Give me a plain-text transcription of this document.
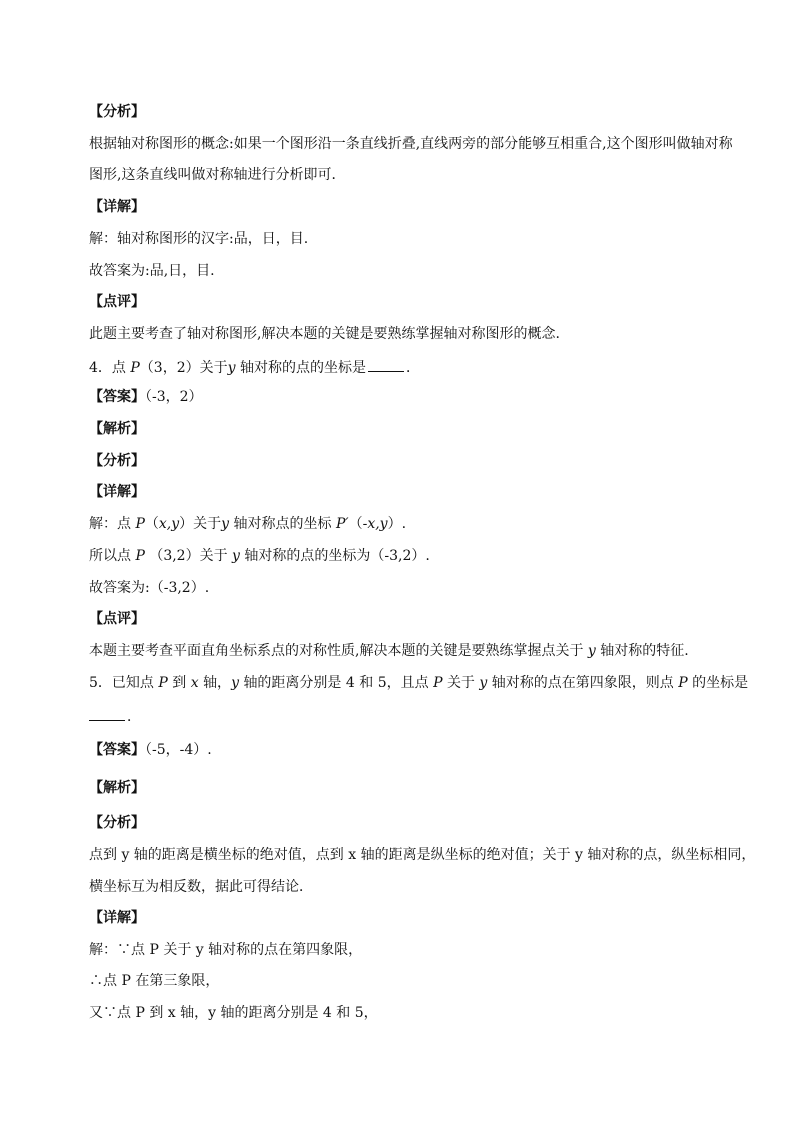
【分析】
根据轴对称图形的概念:如果一个图形沿一条直线折叠,直线两旁的部分能够互相重合,这个图形叫做轴对称
图形,这条直线叫做对称轴进行分析即可．
【详解】
解：轴对称图形的汉字:品，日，目.
故答案为:品,日，目.
【点评】
此题主要考查了轴对称图形,解决本题的关键是要熟练掌握轴对称图形的概念.
4．点 P（3，2）关于y 轴对称的点的坐标是	．
【答案】（-3，2）
【解析】
【分析】
【详解】
解：点 P（x,y）关于y 轴对称点的坐标 P′（-x,y）.
所以点 P （3,2）关于 y 轴对称的点的坐标为（-3,2）.
故答案为:（-3,2）.
【点评】
本题主要考查平面直角坐标系点的对称性质,解决本题的关键是要熟练掌握点关于 y 轴对称的特征.
5．已知点 P 到 x 轴，y 轴的距离分别是 4 和 5，且点 P 关于 y 轴对称的点在第四象限，则点 P 的坐标是
．
【答案】（-5，-4）.
【解析】
【分析】
点到 y 轴的距离是横坐标的绝对值，点到 x 轴的距离是纵坐标的绝对值；关于 y 轴对称的点，纵坐标相同，
横坐标互为相反数，据此可得结论．
【详解】
解：∵点 P 关于 y 轴对称的点在第四象限，
∴点 P 在第三象限，
又∵点 P 到 x 轴，y 轴的距离分别是 4 和 5，
